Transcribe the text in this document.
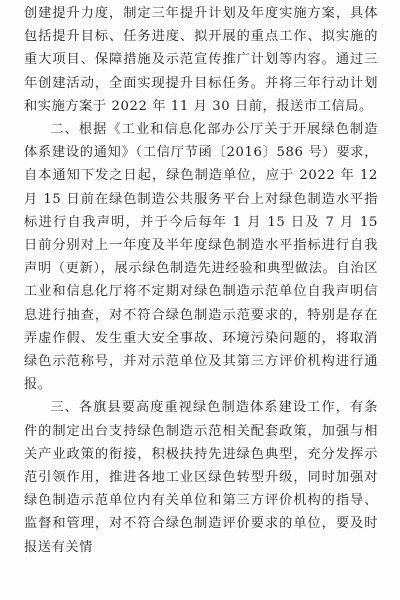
创建提升力度，制定三年提升计划及年度实施方案，具体包括提升目标、任务进度、拟开展的重点工作、拟实施的重大项目、保障措施及示范宣传推广计划等内容。通过三年创建活动，全面实现提升目标任务。并将三年行动计划和实施方案于 2022 年 11 月 30 日前，报送市工信局。

二、根据《工业和信息化部办公厅关于开展绿色制造体系建设的通知》（工信厅节函〔2016〕586 号）要求，自本通知下发之日起，绿色制造单位，应于 2022 年 12 月 15 日前在绿色制造公共服务平台上对绿色制造水平指标进行自我声明，并于今后每年 1 月 15 日及 7 月 15 日前分别对上一年度及半年度绿色制造水平指标进行自我声明（更新），展示绿色制造先进经验和典型做法。自治区工业和信息化厅将不定期对绿色制造示范单位自我声明信息进行抽查，对不符合绿色制造示范要求的，特别是存在弄虚作假、发生重大安全事故、环境污染问题的，将取消绿色示范称号，并对示范单位及其第三方评价机构进行通报。

三、各旗县要高度重视绿色制造体系建设工作，有条件的制定出台支持绿色制造示范相关配套政策，加强与相关产业政策的衔接，积极扶持先进绿色典型，充分发挥示范引领作用，推进各地工业区绿色转型升级，同时加强对绿色制造示范单位内有关单位和第三方评价机构的指导、监督和管理，对不符合绿色制造评价要求的单位，要及时报送有关情
